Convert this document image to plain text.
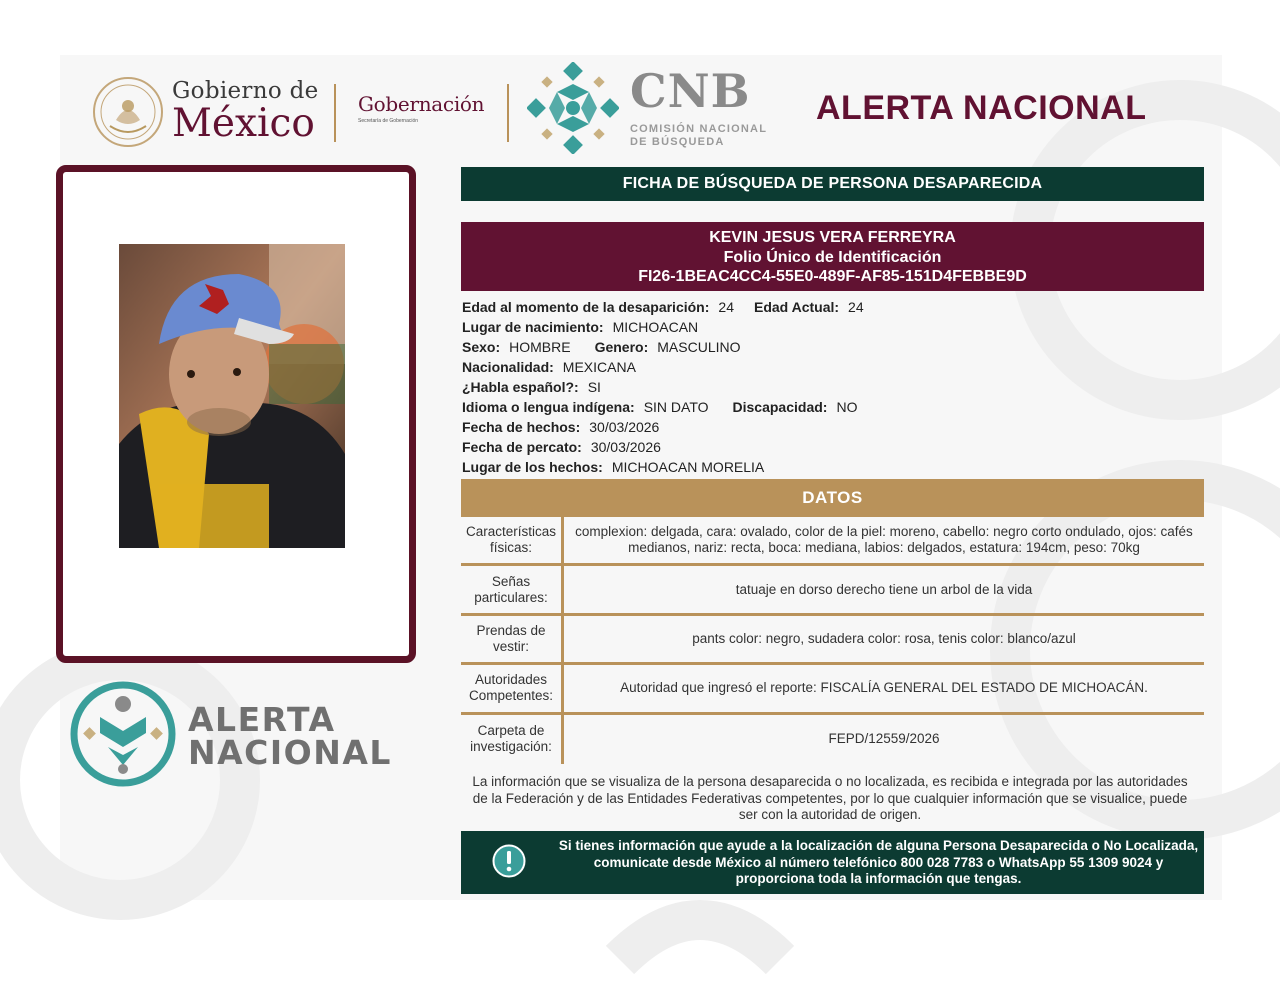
Gobierno de
México Gobernación
Secretaría de Gobernación
CNB
COMISIÓN NACIONAL
DE BÚSQUEDA
ALERTA NACIONAL
ALERTA
NACIONAL
FICHA DE BÚSQUEDA DE PERSONA DESAPARECIDA
KEVIN JESUS VERA FERREYRA
Folio Único de Identificación
FI26-1BEAC4CC4-55E0-489F-AF85-151D4FEBBE9D
Edad al momento de la desaparición: 24 Edad Actual: 24
Lugar de nacimiento: MICHOACAN
Sexo: HOMBRE Genero: MASCULINO
Nacionalidad: MEXICANA
¿Habla español?: SI
Idioma o lengua indígena: SIN DATO Discapacidad: NO
Fecha de hechos: 30/03/2026
Fecha de percato: 30/03/2026
Lugar de los hechos: MICHOACAN MORELIA
DATOS
Características
físicas:
complexion: delgada, cara: ovalado, color de la piel: moreno, cabello: negro corto ondulado, ojos: cafés medianos, nariz: recta, boca: mediana, labios: delgados, estatura: 194cm, peso: 70kg
Señas
particulares:
tatuaje en dorso derecho tiene un arbol de la vida
Prendas de
vestir:
pants color: negro, sudadera color: rosa, tenis color: blanco/azul
Autoridades
Competentes:
Autoridad que ingresó el reporte: FISCALÍA GENERAL DEL ESTADO DE MICHOACÁN.
Carpeta de
investigación:
FEPD/12559/2026
La información que se visualiza de la persona desaparecida o no localizada, es recibida e integrada por las autoridades de la Federación y de las Entidades Federativas competentes, por lo que cualquier información que se visualice, puede ser con la autoridad de origen.
Si tienes información que ayude a la localización de alguna Persona Desaparecida o No Localizada, comunicate desde México al número telefónico 800 028 7783 o WhatsApp 55 1309 9024 y proporciona toda la información que tengas.
